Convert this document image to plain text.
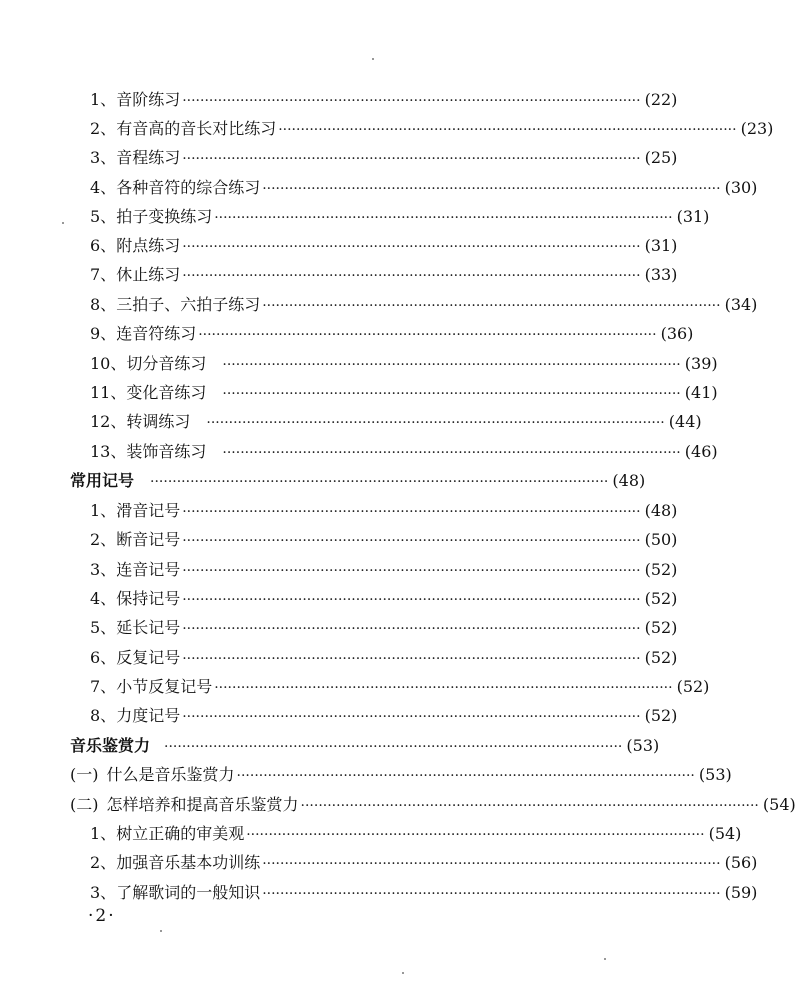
1、 音阶练习 ······································································································· (22)
2、 有音高的音长对比练习 ······································································································· (23)
3、 音程练习 ······································································································· (25)
4、 各种音符的综合练习 ······································································································· (30)
5、 拍子变换练习 ······································································································· (31)
6、 附点练习 ······································································································· (31)
7、 休止练习 ······································································································· (33)
8、 三拍子、六拍子练习 ······································································································· (34)
9、 连音符练习 ······································································································· (36)
10、 切分音练习 ······································································································· (39)
11、 变化音练习 ······································································································· (41)
12、 转调练习 ······································································································· (44)
13、 装饰音练习 ······································································································· (46)
常用记号 ······································································································· (48)
1、 滑音记号 ······································································································· (48)
2、 断音记号 ······································································································· (50)
3、 连音记号 ······································································································· (52)
4、 保持记号 ······································································································· (52)
5、 延长记号 ······································································································· (52)
6、 反复记号 ······································································································· (52)
7、 小节反复记号 ······································································································· (52)
8、 力度记号 ······································································································· (52)
音乐鉴赏力 ······································································································· (53)
(一) 什么是音乐鉴赏力 ······································································································· (53)
(二) 怎样培养和提高音乐鉴赏力 ······································································································· (54)
1、 树立正确的审美观 ······································································································· (54)
2、 加强音乐基本功训练 ······································································································· (56)
3、 了解歌词的一般知识 ······································································································· (59)
·2·
